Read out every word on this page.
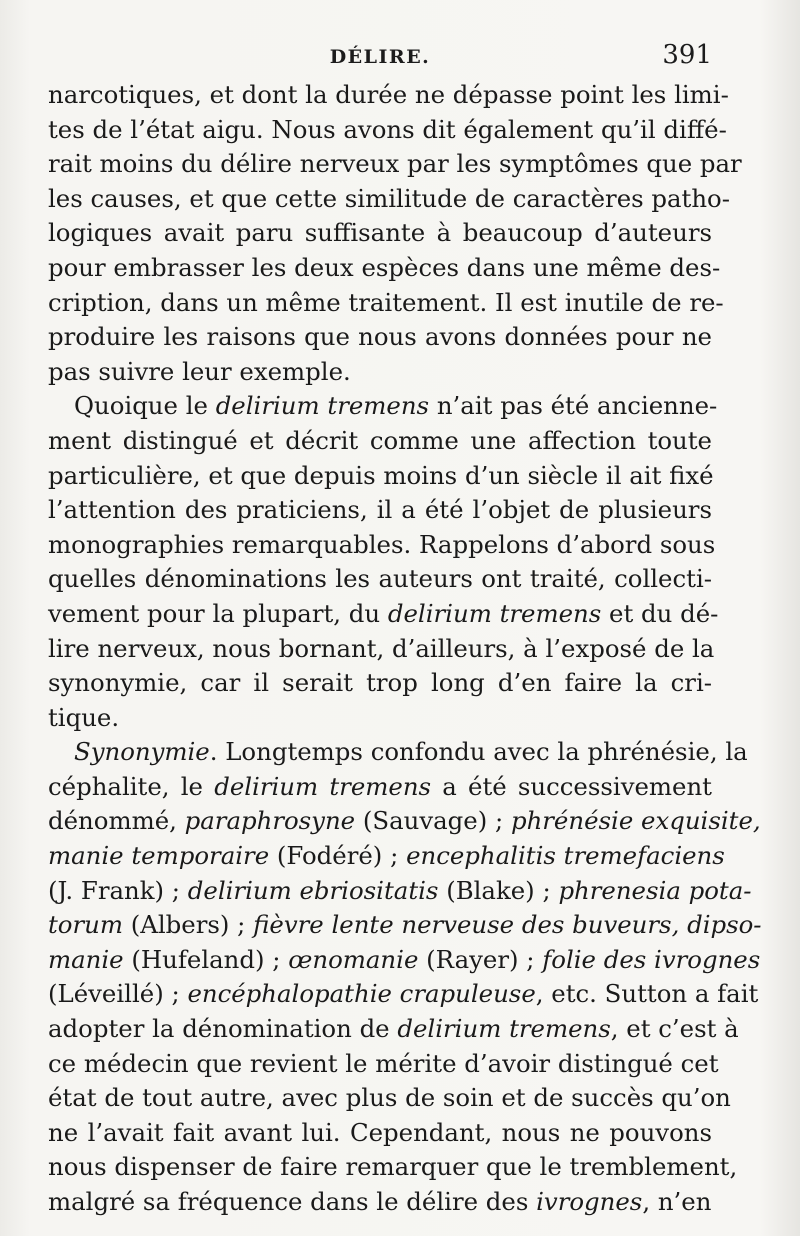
DÉLIRE.	391
narcotiques, et dont la durée ne dépasse point les limi-
tes de l’état aigu. Nous avons dit également qu’il diffé-
rait moins du délire nerveux par les symptômes que par
les causes, et que cette similitude de caractères patho-
logiques avait paru suffisante à beaucoup d’auteurs
pour embrasser les deux espèces dans une même des-
cription, dans un même traitement. Il est inutile de re-
produire les raisons que nous avons données pour ne
pas suivre leur exemple.
Quoique le delirium tremens n’ait pas été ancienne-
ment distingué et décrit comme une affection toute
particulière, et que depuis moins d’un siècle il ait fixé
l’attention des praticiens, il a été l’objet de plusieurs
monographies remarquables. Rappelons d’abord sous
quelles dénominations les auteurs ont traité, collecti-
vement pour la plupart, du delirium tremens et du dé-
lire nerveux, nous bornant, d’ailleurs, à l’exposé de la
synonymie, car il serait trop long d’en faire la cri-
tique.
Synonymie. Longtemps confondu avec la phrénésie, la
céphalite, le delirium tremens a été successivement
dénommé, paraphrosyne (Sauvage) ; phrénésie exquisite,
manie temporaire (Fodéré) ; encephalitis tremefaciens
(J. Frank) ; delirium ebriositatis (Blake) ; phrenesia pota-
torum (Albers) ; fièvre lente nerveuse des buveurs, dipso-
manie (Hufeland) ; œnomanie (Rayer) ; folie des ivrognes
(Léveillé) ; encéphalopathie crapuleuse, etc. Sutton a fait
adopter la dénomination de delirium tremens, et c’est à
ce médecin que revient le mérite d’avoir distingué cet
état de tout autre, avec plus de soin et de succès qu’on
ne l’avait fait avant lui. Cependant, nous ne pouvons
nous dispenser de faire remarquer que le tremblement,
malgré sa fréquence dans le délire des ivrognes, n’en
